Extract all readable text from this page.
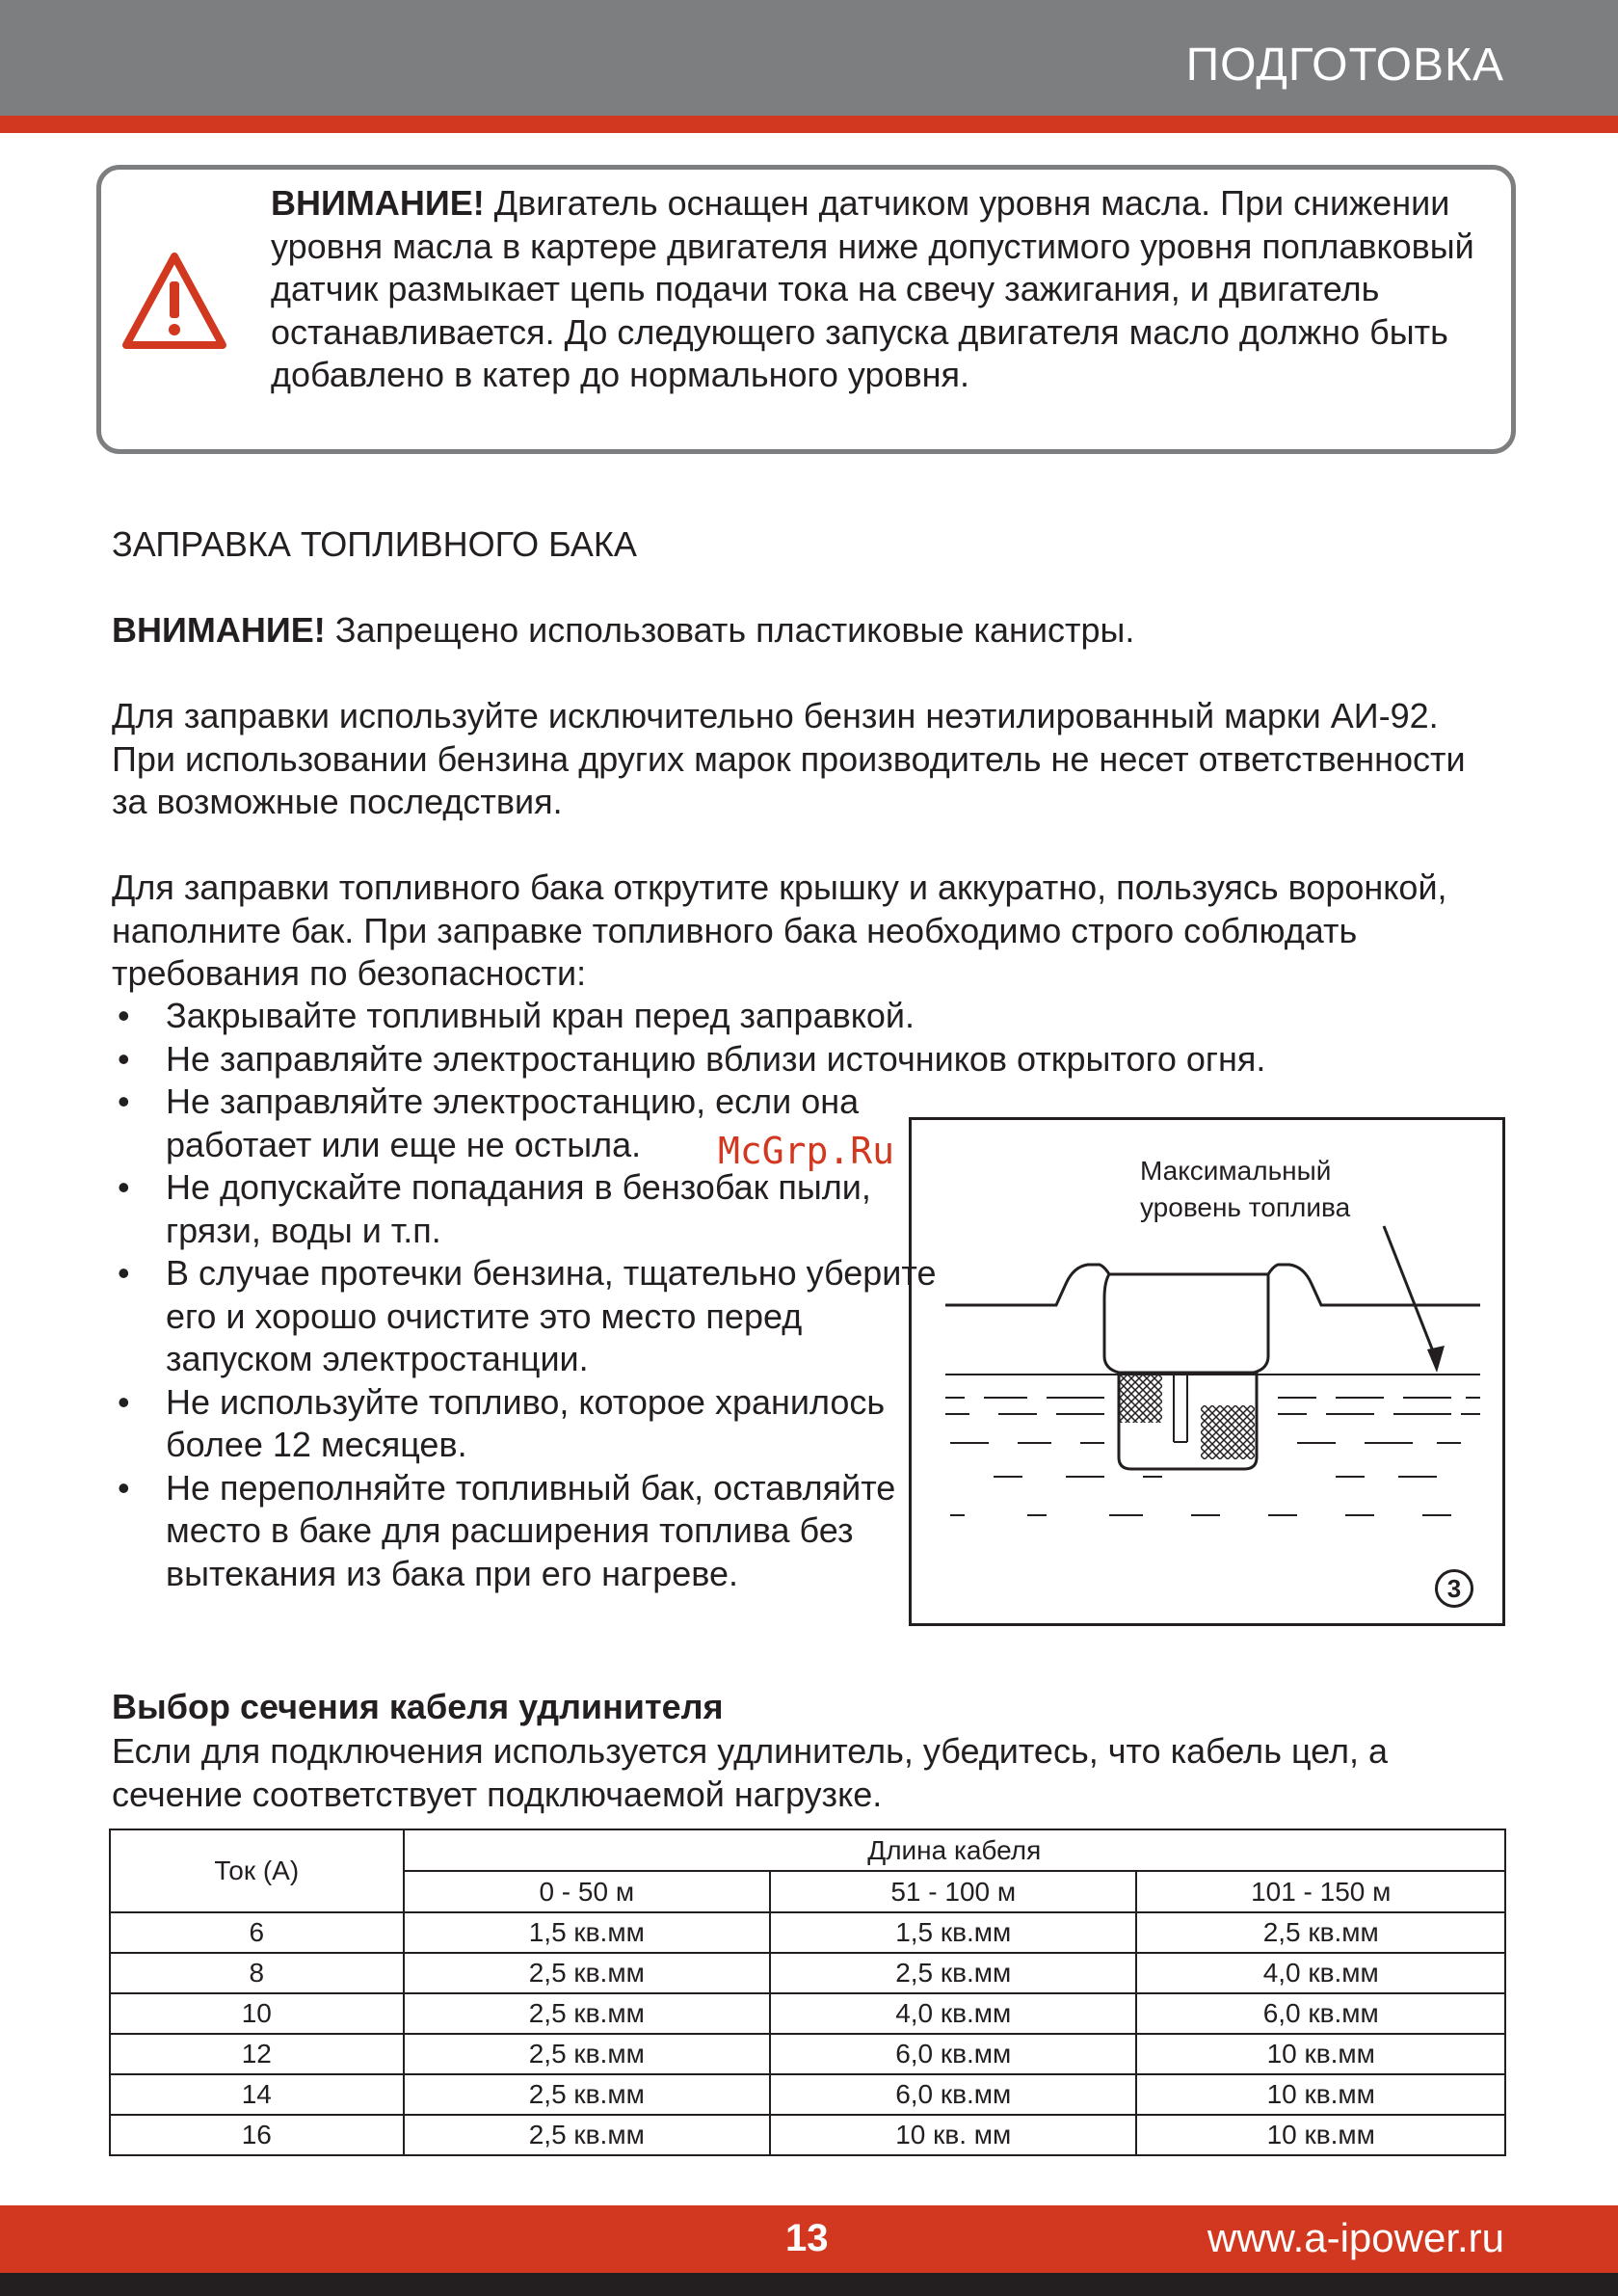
ПОДГОТОВКА
ВНИМАНИЕ! Двигатель оснащен датчиком уровня масла. При снижении уровня масла в картере двигателя ниже допустимого уровня поплавковый датчик размыкает цепь подачи тока на свечу зажигания, и двигатель останавливается. До следующего запуска двигателя масло должно быть добавлено в катер до нормального уровня.
ЗАПРАВКА ТОПЛИВНОГО БАКА
ВНИМАНИЕ! Запрещено использовать пластиковые канистры.
Для заправки используйте исключительно бензин неэтилированный марки АИ-92. При использовании бензина других марок производитель не несет ответственности за возможные последствия.
Для заправки топливного бака открутите крышку и аккуратно, пользуясь воронкой, наполните бак. При заправке топливного бака необходимо строго соблюдать требования по безопасности:
• Закрывайте топливный кран перед заправкой.
• Не заправляйте электростанцию вблизи источников открытого огня.
• Не заправляйте электростанцию, если она работает или еще не остыла.
• Не допускайте попадания в бензобак пыли, грязи, воды и т.п.
• В случае протечки бензина, тщательно уберите его и хорошо очистите это место перед запуском электростанции.
• Не используйте топливо, которое хранилось более 12 месяцев.
• Не переполняйте топливный бак, оставляйте место в баке для расширения топлива без вытекания из бака при его нагреве.
Максимальный
уровень топлива
3
McGrp.Ru
Выбор сечения кабеля удлинителя
Если для подключения используется удлинитель, убедитесь, что кабель цел, а сечение соответствует подключаемой нагрузке.
Ток (А)	Длина кабеля		
	0 - 50 м	51 - 100 м	101 - 150 м
6	1,5 кв.мм	1,5 кв.мм	2,5 кв.мм
8	2,5 кв.мм	2,5 кв.мм	4,0 кв.мм
10	2,5 кв.мм	4,0 кв.мм	6,0 кв.мм
12	2,5 кв.мм	6,0 кв.мм	10 кв.мм
14	2,5 кв.мм	6,0 кв.мм	10 кв.мм
16	2,5 кв.мм	10 кв. мм	10 кв.мм
13	www.a-ipower.ru
